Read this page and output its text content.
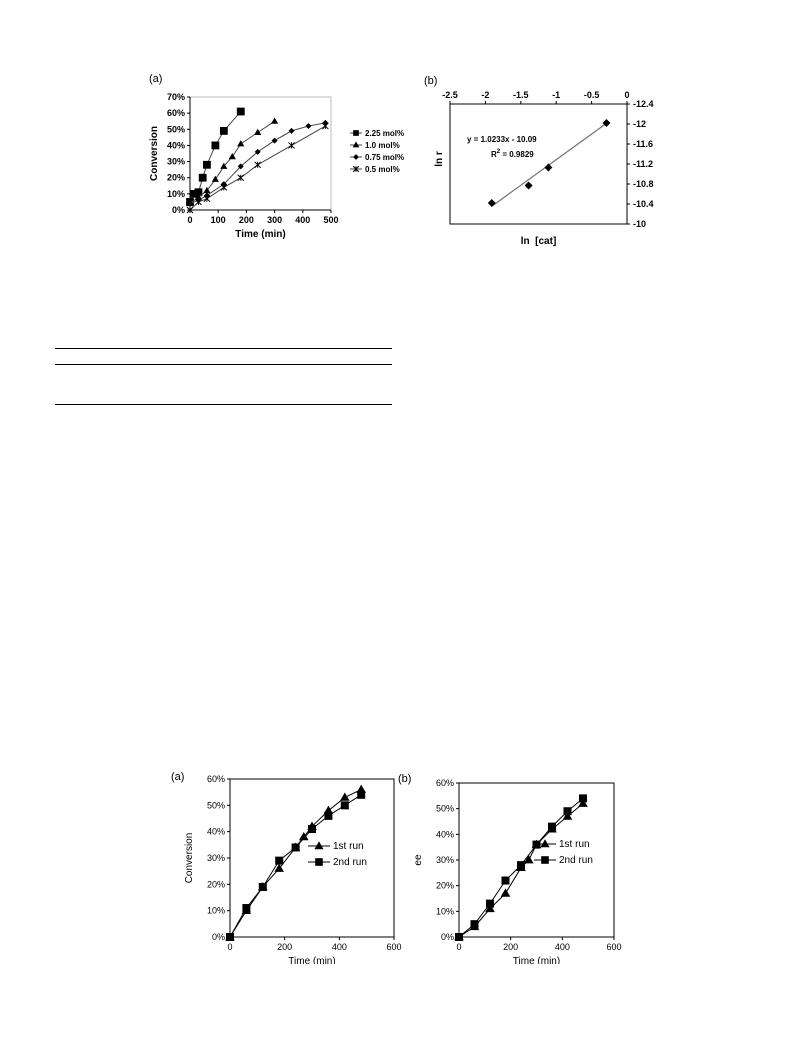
(a)
0 100 200 300 400 500
0%
10%
20%
30%
40%
50%
60%
70%
Time (min)
Conversion	2.25 mol%
1.0 mol%
0.75 mol%
0.5 mol%
(b)
-2.5	-2	-1.5	-1	-0.5	0
-10
-10.4
-10.8
-11.2
-11.6
-12
-12.4
ln  [cat]
ln r
y = 1.0233x - 10.09
$R^2 = 0.9829$
(a)
0	200	400	600
0%
10%
20%
30%
40%
50%
60%
Time (min)
Conversion	1st run
2nd run
(b)
0	200	400	600
0%
10%
20%
30%
40%
50%
60%
Time (min)
ee
1st run
2nd run
